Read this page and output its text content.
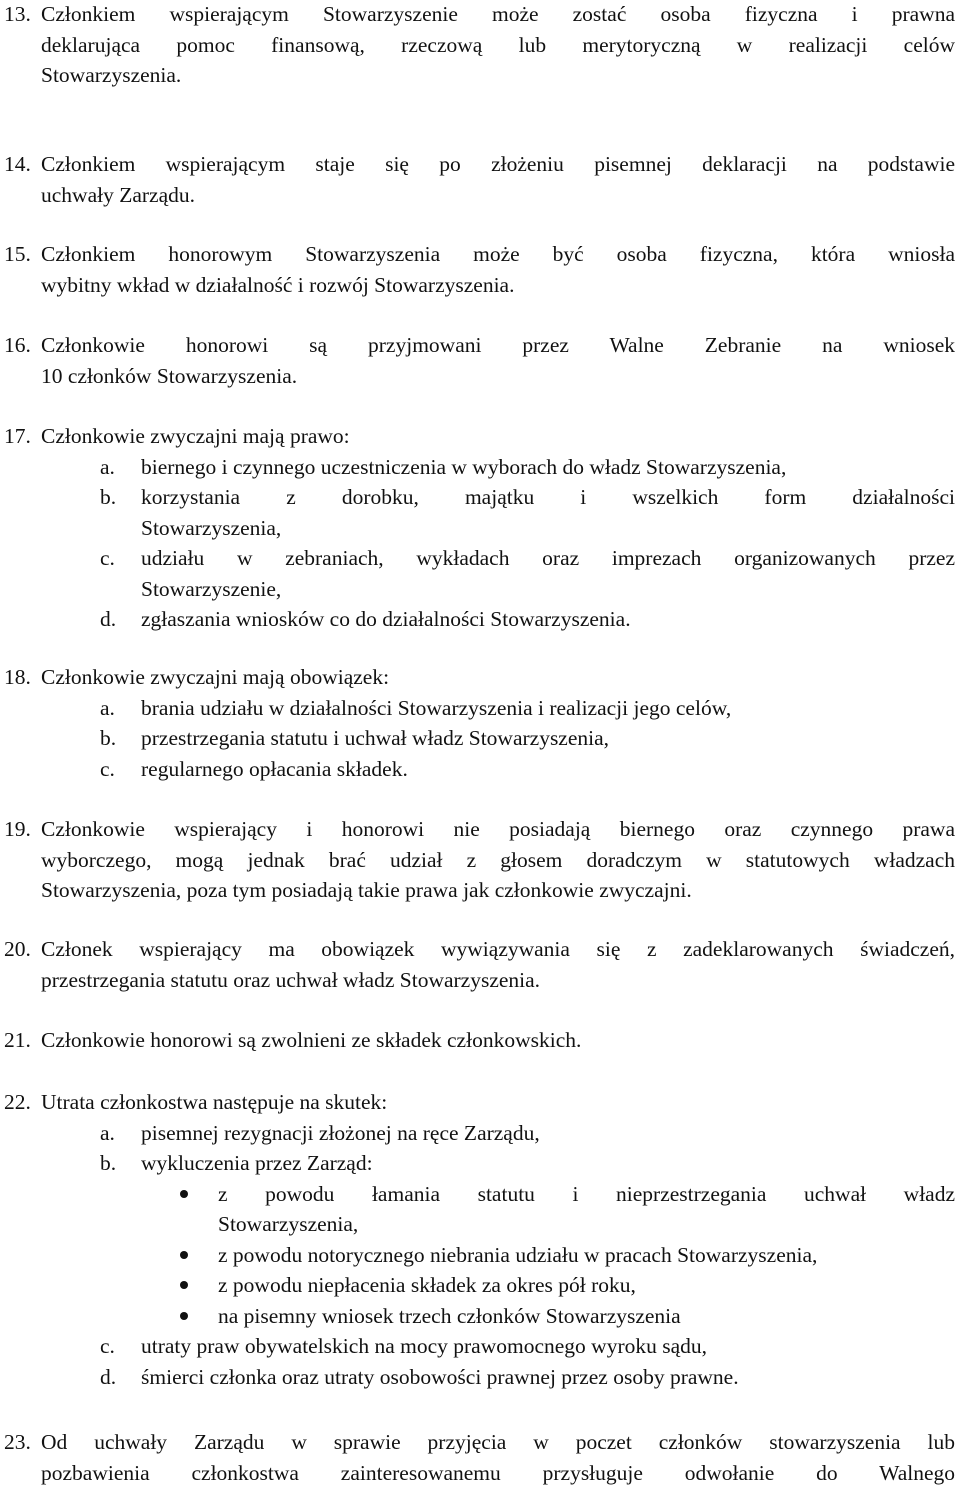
13. Członkiem wspierającym Stowarzyszenie może zostać osoba fizyczna i prawna
deklarująca pomoc finansową, rzeczową lub merytoryczną w realizacji celów
Stowarzyszenia.
14. Członkiem wspierającym staje się po złożeniu pisemnej deklaracji na podstawie
uchwały Zarządu.
15. Członkiem honorowym Stowarzyszenia może być osoba fizyczna, która wniosła
wybitny wkład w działalność i rozwój Stowarzyszenia.
16. Członkowie honorowi są przyjmowani przez Walne Zebranie na wniosek
10 członków Stowarzyszenia.
17. Członkowie zwyczajni mają prawo:
a. biernego i czynnego uczestniczenia w wyborach do władz Stowarzyszenia,
b. korzystania z dorobku, majątku i wszelkich form działalności
Stowarzyszenia,
c. udziału w zebraniach, wykładach oraz imprezach organizowanych przez
Stowarzyszenie,
d. zgłaszania wniosków co do działalności Stowarzyszenia.
18. Członkowie zwyczajni mają obowiązek:
a. brania udziału w działalności Stowarzyszenia i realizacji jego celów,
b. przestrzegania statutu i uchwał władz Stowarzyszenia,
c. regularnego opłacania składek.
19. Członkowie wspierający i honorowi nie posiadają biernego oraz czynnego prawa
wyborczego, mogą jednak brać udział z głosem doradczym w statutowych władzach
Stowarzyszenia, poza tym posiadają takie prawa jak członkowie zwyczajni.
20. Członek wspierający ma obowiązek wywiązywania się z zadeklarowanych świadczeń,
przestrzegania statutu oraz uchwał władz Stowarzyszenia.
21. Członkowie honorowi są zwolnieni ze składek członkowskich.
22. Utrata członkostwa następuje na skutek:
a. pisemnej rezygnacji złożonej na ręce Zarządu,
b. wykluczenia przez Zarząd:
z powodu łamania statutu i nieprzestrzegania uchwał władz
Stowarzyszenia,
z powodu notorycznego niebrania udziału w pracach Stowarzyszenia,
z powodu niepłacenia składek za okres pół roku,
na pisemny wniosek trzech członków Stowarzyszenia
c. utraty praw obywatelskich na mocy prawomocnego wyroku sądu,
d. śmierci członka oraz utraty osobowości prawnej przez osoby prawne.
23. Od uchwały Zarządu w sprawie przyjęcia w poczet członków stowarzyszenia lub
pozbawienia członkostwa zainteresowanemu przysługuje odwołanie do Walnego
